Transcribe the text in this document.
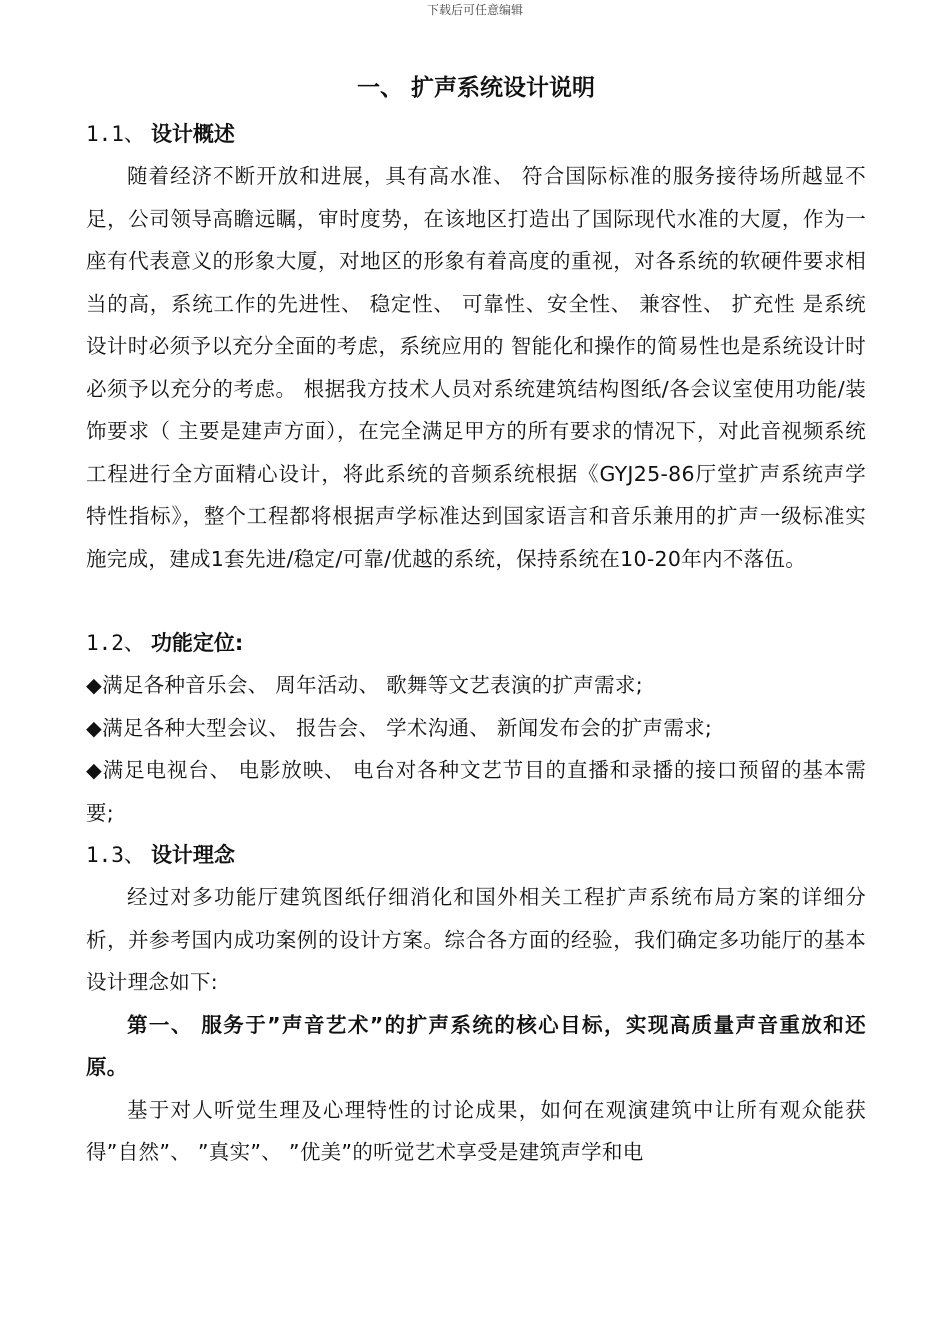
下载后可任意编辑
一、 扩声系统设计说明
1.1、 设计概述

随着经济不断开放和进展，具有高水准、 符合国际标准的服务接待场所越显不足，公司领导高瞻远瞩，审时度势，在该地区打造出了国际现代水准的大厦，作为一座有代表意义的形象大厦，对地区的形象有着高度的重视，对各系统的软硬件要求相当的高，系统工作的先进性、 稳定性、 可靠性、安全性、 兼容性、 扩充性 是系统设计时必须予以充分全面的考虑，系统应用的 智能化和操作的简易性也是系统设计时必须予以充分的考虑。 根据我方技术人员对系统建筑结构图纸/各会议室使用功能/装饰要求（ 主要是建声方面），在完全满足甲方的所有要求的情况下，对此音视频系统工程进行全方面精心设计，将此系统的音频系统根据《GYJ25-86厅堂扩声系统声学特性指标》，整个工程都将根据声学标准达到国家语言和音乐兼用的扩声一级标准实施完成，建成1套先进/稳定/可靠/优越的系统，保持系统在10-20年内不落伍。

1.2、 功能定位:

◆满足各种音乐会、 周年活动、 歌舞等文艺表演的扩声需求;

◆满足各种大型会议、 报告会、 学术沟通、 新闻发布会的扩声需求;

◆满足电视台、 电影放映、 电台对各种文艺节目的直播和录播的接口预留的基本需要;

1.3、 设计理念

经过对多功能厅建筑图纸仔细消化和国外相关工程扩声系统布局方案的详细分析，并参考国内成功案例的设计方案。综合各方面的经验，我们确定多功能厅的基本设计理念如下:

第一、 服务于”声音艺术”的扩声系统的核心目标，实现高质量声音重放和还原。

基于对人听觉生理及心理特性的讨论成果，如何在观演建筑中让所有观众能获得”自然”、 ”真实”、 ”优美”的听觉艺术享受是建筑声学和电
